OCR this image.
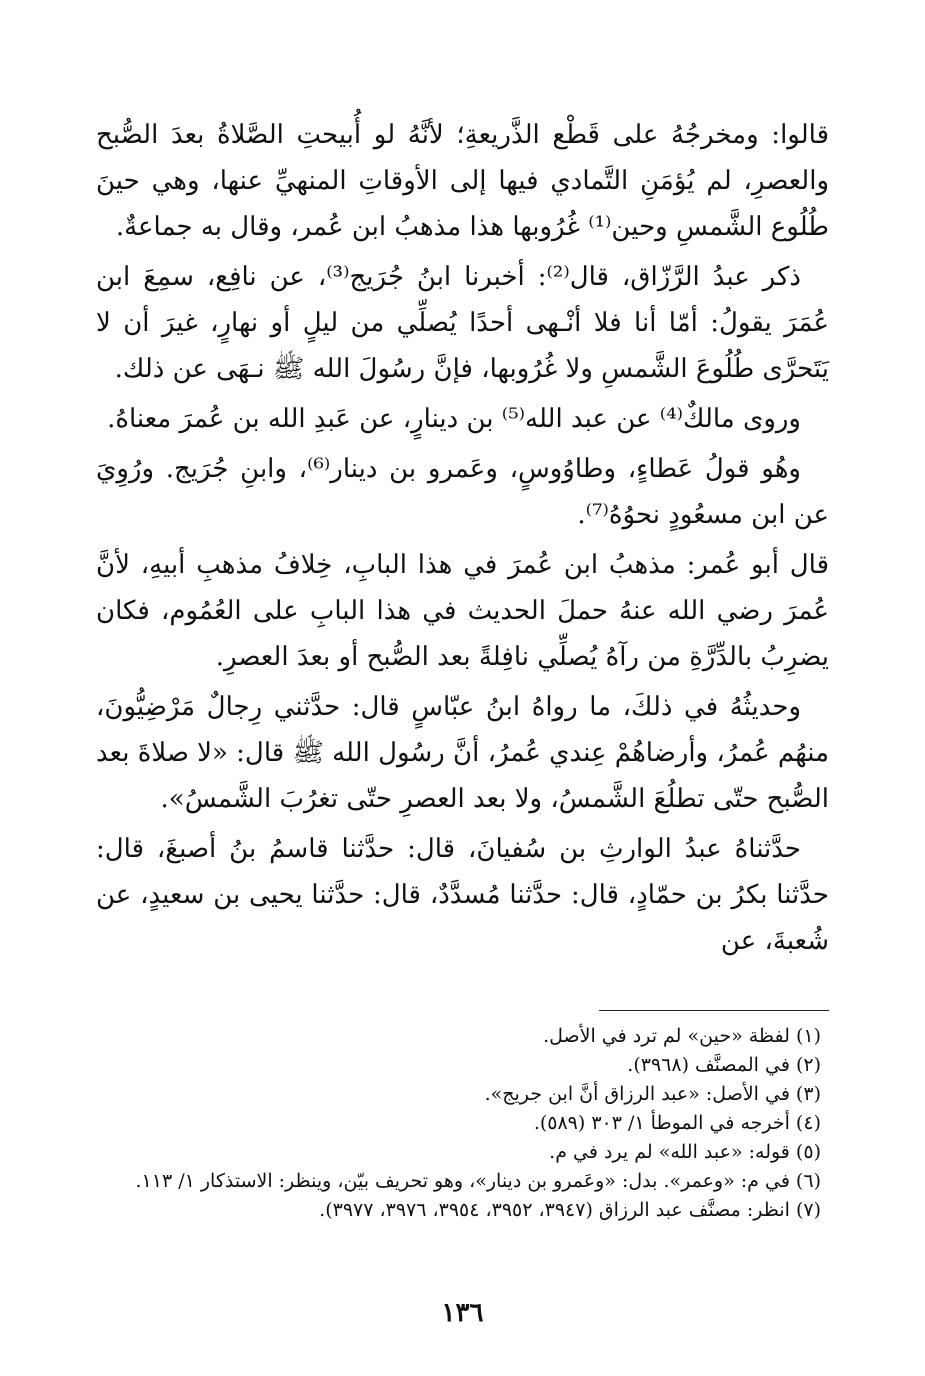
قالوا: ومخرجُهُ على قَطْع الذَّريعةِ؛ لأنَّهُ لو أُبيحتِ الصَّلاةُ بعدَ الصُّبح والعصرِ، لم يُؤمَنِ التَّمادي فيها إلى الأوقاتِ المنهيِّ عنها، وهي حينَ طُلُوع الشَّمسِ وحين⁽¹⁾ غُرُوبها هذا مذهبُ ابن عُمر، وقال به جماعةٌ.

ذكر عبدُ الرَّزّاق، قال⁽²⁾: أخبرنا ابنُ جُرَيج⁽³⁾، عن نافِع، سمِعَ ابن عُمَرَ يقولُ: أمّا أنا فلا أنْـهى أحدًا يُصلِّي من ليلٍ أو نهارٍ، غيرَ أن لا يَتَحرَّى طُلُوعَ الشَّمسِ ولا غُرُوبها، فإنَّ رسُولَ الله ﷺ نـهَى عن ذلك.

وروى مالكٌ⁽⁴⁾ عن عبد الله⁽⁵⁾ بن دينارٍ، عن عَبدِ الله بن عُمرَ معناهُ.

وهُو قولُ عَطاءٍ، وطاوُوسٍ، وعَمرو بن دينار⁽⁶⁾، وابنِ جُرَيج. ورُوِيَ عن ابن مسعُودٍ نحوُهُ⁽⁷⁾.

قال أبو عُمر: مذهبُ ابن عُمرَ في هذا البابِ، خِلافُ مذهبِ أبيهِ، لأنَّ عُمرَ رضي الله عنهُ حملَ الحديث في هذا البابِ على العُمُوم، فكان يضرِبُ بالدِّرَّةِ من رآهُ يُصلِّي نافِلةً بعد الصُّبح أو بعدَ العصرِ.

وحديثُهُ في ذلكَ، ما رواهُ ابنُ عبّاسٍ قال: حدَّثني رِجالٌ مَرْضِيُّونَ، منهُم عُمرُ، وأرضاهُمْ عِندي عُمرُ، أنَّ رسُول الله ﷺ قال: «لا صلاةَ بعد الصُّبح حتّى تطلُعَ الشَّمسُ، ولا بعد العصرِ حتّى تغرُبَ الشَّمسُ».

حدَّثناهُ عبدُ الوارثِ بن سُفيانَ، قال: حدَّثنا قاسمُ بنُ أصبغَ، قال: حدَّثنا بكرُ بن حمّادٍ، قال: حدَّثنا مُسدَّدٌ، قال: حدَّثنا يحيى بن سعيدٍ، عن شُعبةَ، عن

(١) لفظة «حين» لم ترد في الأصل.

(٢) في المصنَّف (٣٩٦٨).

(٣) في الأصل: «عبد الرزاق أنَّ ابن جريج».

(٤) أخرجه في الموطأ ١/ ٣٠٣ (٥٨٩).

(٥) قوله: «عبد الله» لم يرد في م.

(٦) في م: «وعمر». بدل: «وعَمرو بن دينار»، وهو تحريف بيّن، وينظر: الاستذكار ١/ ١١٣.

(٧) انظر: مصنَّف عبد الرزاق (٣٩٤٧، ٣٩٥٢، ٣٩٥٤، ٣٩٧٦، ٣٩٧٧).

١٣٦
